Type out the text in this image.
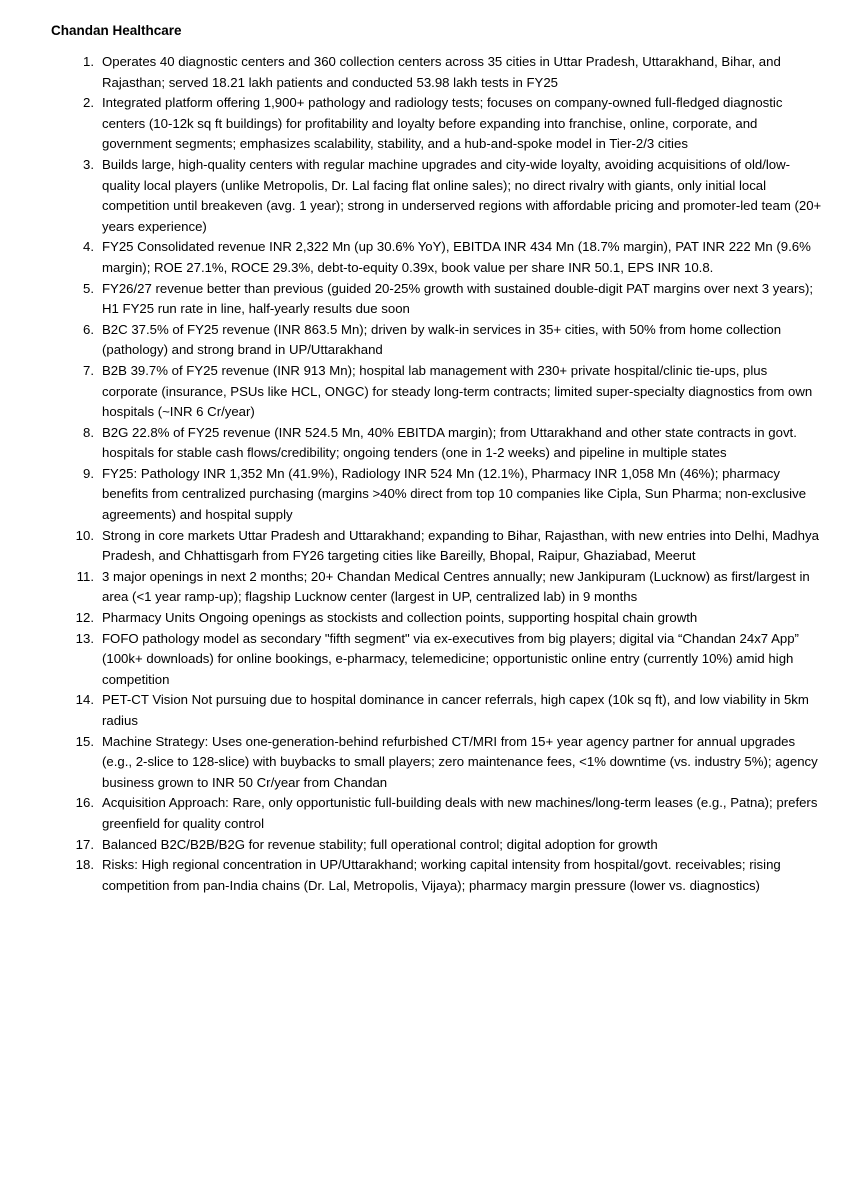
Chandan Healthcare
1. Operates 40 diagnostic centers and 360 collection centers across 35 cities in Uttar Pradesh, Uttarakhand, Bihar, and Rajasthan; served 18.21 lakh patients and conducted 53.98 lakh tests in FY25
2. Integrated platform offering 1,900+ pathology and radiology tests; focuses on company-owned full-fledged diagnostic centers (10-12k sq ft buildings) for profitability and loyalty before expanding into franchise, online, corporate, and government segments; emphasizes scalability, stability, and a hub-and-spoke model in Tier-2/3 cities
3. Builds large, high-quality centers with regular machine upgrades and city-wide loyalty, avoiding acquisitions of old/low-quality local players (unlike Metropolis, Dr. Lal facing flat online sales); no direct rivalry with giants, only initial local competition until breakeven (avg. 1 year); strong in underserved regions with affordable pricing and promoter-led team (20+ years experience)
4. FY25 Consolidated revenue INR 2,322 Mn (up 30.6% YoY), EBITDA INR 434 Mn (18.7% margin), PAT INR 222 Mn (9.6% margin); ROE 27.1%, ROCE 29.3%, debt-to-equity 0.39x, book value per share INR 50.1, EPS INR 10.8.
5. FY26/27 revenue better than previous (guided 20-25% growth with sustained double-digit PAT margins over next 3 years); H1 FY25 run rate in line, half-yearly results due soon
6. B2C 37.5% of FY25 revenue (INR 863.5 Mn); driven by walk-in services in 35+ cities, with 50% from home collection (pathology) and strong brand in UP/Uttarakhand
7. B2B 39.7% of FY25 revenue (INR 913 Mn); hospital lab management with 230+ private hospital/clinic tie-ups, plus corporate (insurance, PSUs like HCL, ONGC) for steady long-term contracts; limited super-specialty diagnostics from own hospitals (~INR 6 Cr/year)
8. B2G 22.8% of FY25 revenue (INR 524.5 Mn, 40% EBITDA margin); from Uttarakhand and other state contracts in govt. hospitals for stable cash flows/credibility; ongoing tenders (one in 1-2 weeks) and pipeline in multiple states
9. FY25: Pathology INR 1,352 Mn (41.9%), Radiology INR 524 Mn (12.1%), Pharmacy INR 1,058 Mn (46%); pharmacy benefits from centralized purchasing (margins >40% direct from top 10 companies like Cipla, Sun Pharma; non-exclusive agreements) and hospital supply
10. Strong in core markets Uttar Pradesh and Uttarakhand; expanding to Bihar, Rajasthan, with new entries into Delhi, Madhya Pradesh, and Chhattisgarh from FY26 targeting cities like Bareilly, Bhopal, Raipur, Ghaziabad, Meerut
11. 3 major openings in next 2 months; 20+ Chandan Medical Centres annually; new Jankipuram (Lucknow) as first/largest in area (<1 year ramp-up); flagship Lucknow center (largest in UP, centralized lab) in 9 months
12. Pharmacy Units Ongoing openings as stockists and collection points, supporting hospital chain growth
13. FOFO pathology model as secondary "fifth segment" via ex-executives from big players; digital via “Chandan 24x7 App” (100k+ downloads) for online bookings, e-pharmacy, telemedicine; opportunistic online entry (currently 10%) amid high competition
14. PET-CT Vision Not pursuing due to hospital dominance in cancer referrals, high capex (10k sq ft), and low viability in 5km radius
15. Machine Strategy: Uses one-generation-behind refurbished CT/MRI from 15+ year agency partner for annual upgrades (e.g., 2-slice to 128-slice) with buybacks to small players; zero maintenance fees, <1% downtime (vs. industry 5%); agency business grown to INR 50 Cr/year from Chandan
16. Acquisition Approach: Rare, only opportunistic full-building deals with new machines/long-term leases (e.g., Patna); prefers greenfield for quality control
17. Balanced B2C/B2B/B2G for revenue stability; full operational control; digital adoption for growth
18. Risks: High regional concentration in UP/Uttarakhand; working capital intensity from hospital/govt. receivables; rising competition from pan-India chains (Dr. Lal, Metropolis, Vijaya); pharmacy margin pressure (lower vs. diagnostics)
